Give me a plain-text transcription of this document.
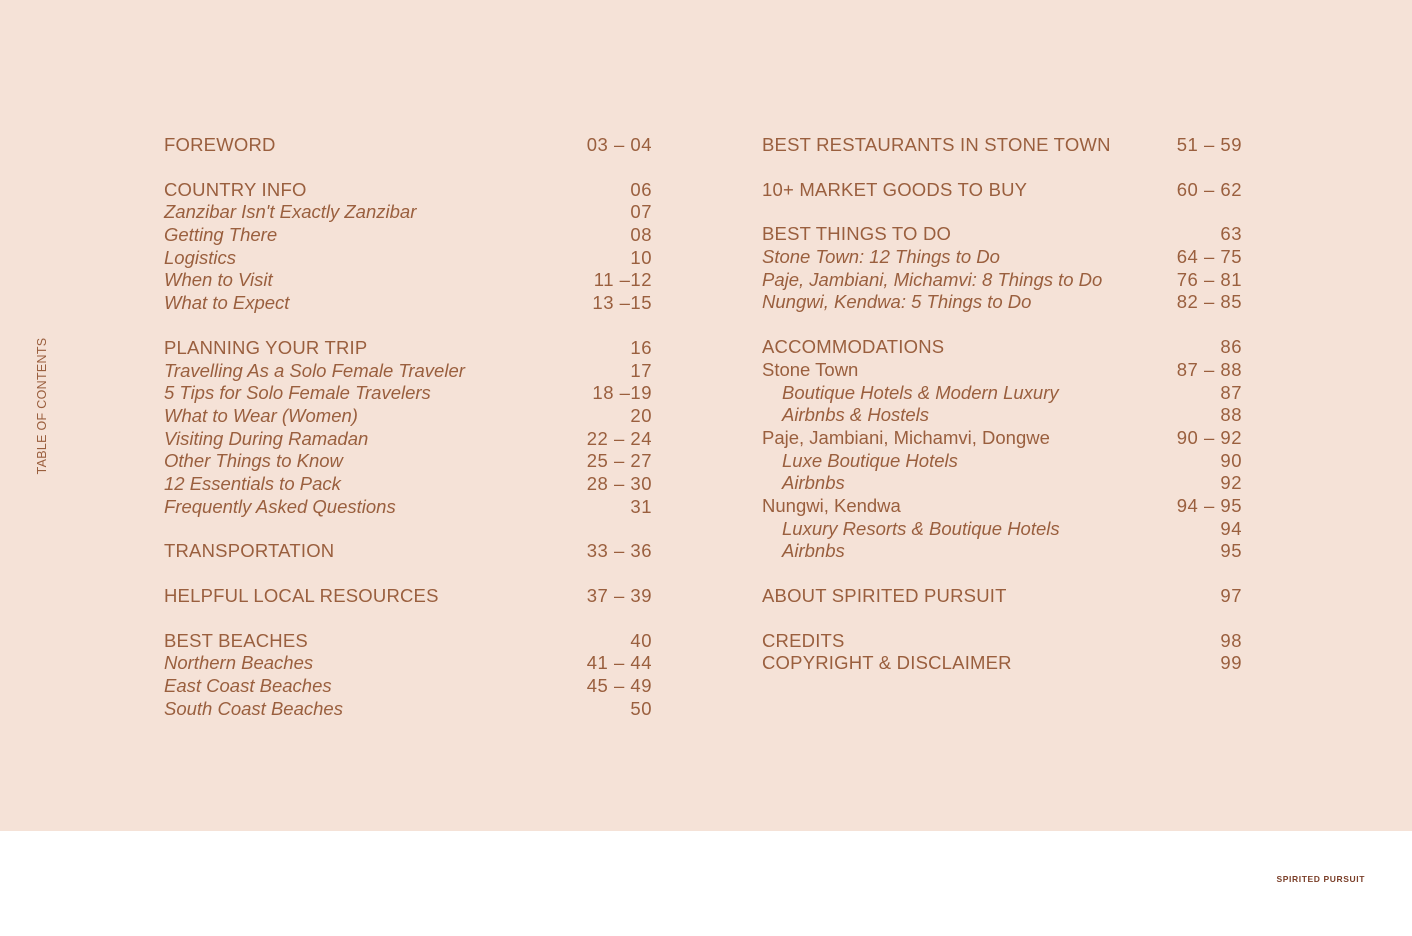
TABLE OF CONTENTS
FOREWORD	03 – 04
COUNTRY INFO	06
Zanzibar Isn't Exactly Zanzibar	07
Getting There	08
Logistics	10
When to Visit	11 –12
What to Expect	13 –15
PLANNING YOUR TRIP	16
Travelling As a Solo Female Traveler	17
5 Tips for Solo Female Travelers	18 –19
What to Wear (Women)	20
Visiting During Ramadan	22 – 24
Other Things to Know	25 – 27
12 Essentials to Pack	28 – 30
Frequently Asked Questions	31
TRANSPORTATION	33 – 36
HELPFUL LOCAL RESOURCES	37 – 39
BEST BEACHES	40
Northern Beaches	41 – 44
East Coast Beaches	45 – 49
South Coast Beaches	50
BEST RESTAURANTS IN STONE TOWN	51 – 59
10+ MARKET GOODS TO BUY	60 – 62
BEST THINGS TO DO	63
Stone Town: 12 Things to Do	64 – 75
Paje, Jambiani, Michamvi: 8 Things to Do	76 – 81
Nungwi, Kendwa: 5 Things to Do	82 – 85
ACCOMMODATIONS	86
Stone Town	87 – 88
Boutique Hotels & Modern Luxury	87
Airbnbs & Hostels	88
Paje, Jambiani, Michamvi, Dongwe	90 – 92
Luxe Boutique Hotels	90
Airbnbs	92
Nungwi, Kendwa	94 – 95
Luxury Resorts & Boutique Hotels	94
Airbnbs	95
ABOUT SPIRITED PURSUIT	97
CREDITS	98
COPYRIGHT & DISCLAIMER	99
SPIRITED PURSUIT
